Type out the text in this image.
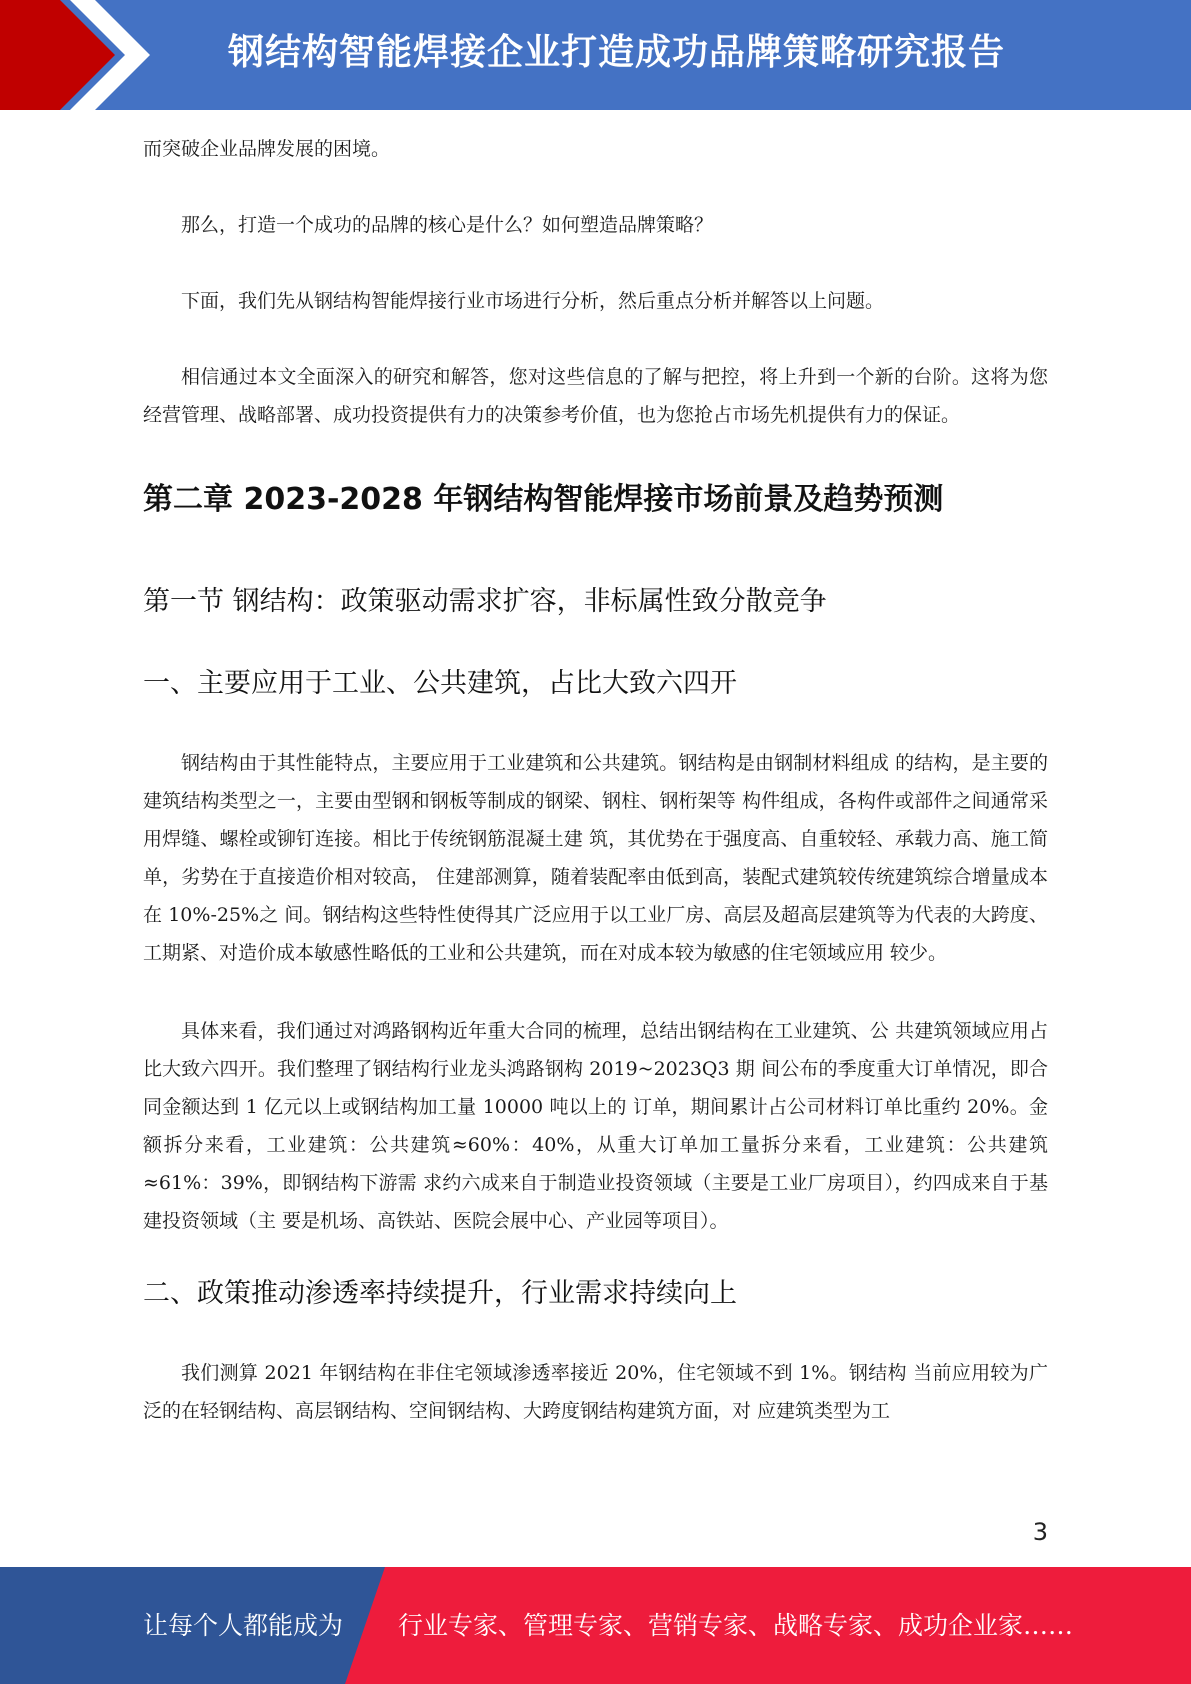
钢结构智能焊接企业打造成功品牌策略研究报告

而突破企业品牌发展的困境。

那么，打造一个成功的品牌的核心是什么？如何塑造品牌策略？

下面，我们先从钢结构智能焊接行业市场进行分析，然后重点分析并解答以上问题。

相信通过本文全面深入的研究和解答，您对这些信息的了解与把控，将上升到一个新的台阶。这将为您经营管理、战略部署、成功投资提供有力的决策参考价值，也为您抢占市场先机提供有力的保证。

第二章 2023-2028 年钢结构智能焊接市场前景及趋势预测
第一节 钢结构：政策驱动需求扩容，非标属性致分散竞争
一、主要应用于工业、公共建筑，占比大致六四开

钢结构由于其性能特点，主要应用于工业建筑和公共建筑。钢结构是由钢制材料组成 的结构，是主要的建筑结构类型之一，主要由型钢和钢板等制成的钢梁、钢柱、钢桁架等 构件组成，各构件或部件之间通常采用焊缝、螺栓或铆钉连接。相比于传统钢筋混凝土建 筑，其优势在于强度高、自重较轻、承载力高、施工简单，劣势在于直接造价相对较高， 住建部测算，随着装配率由低到高，装配式建筑较传统建筑综合增量成本在 10%-25%之 间。钢结构这些特性使得其广泛应用于以工业厂房、高层及超高层建筑等为代表的大跨度、 工期紧、对造价成本敏感性略低的工业和公共建筑，而在对成本较为敏感的住宅领域应用 较少。

具体来看，我们通过对鸿路钢构近年重大合同的梳理，总结出钢结构在工业建筑、公 共建筑领域应用占比大致六四开。我们整理了钢结构行业龙头鸿路钢构 2019~2023Q3 期 间公布的季度重大订单情况，即合同金额达到 1 亿元以上或钢结构加工量 10000 吨以上的 订单，期间累计占公司材料订单比重约 20%。金额拆分来看，工业建筑：公共建筑≈60%：40%，从重大订单加工量拆分来看，工业建筑：公共建筑≈61%：39%，即钢结构下游需 求约六成来自于制造业投资领域（主要是工业厂房项目），约四成来自于基建投资领域（主 要是机场、高铁站、医院会展中心、产业园等项目）。

二、政策推动渗透率持续提升，行业需求持续向上

我们测算 2021 年钢结构在非住宅领域渗透率接近 20%，住宅领域不到 1%。钢结构 当前应用较为广泛的在轻钢结构、高层钢结构、空间钢结构、大跨度钢结构建筑方面，对 应建筑类型为工

3
让每个人都能成为 行业专家、管理专家、营销专家、战略专家、成功企业家……
